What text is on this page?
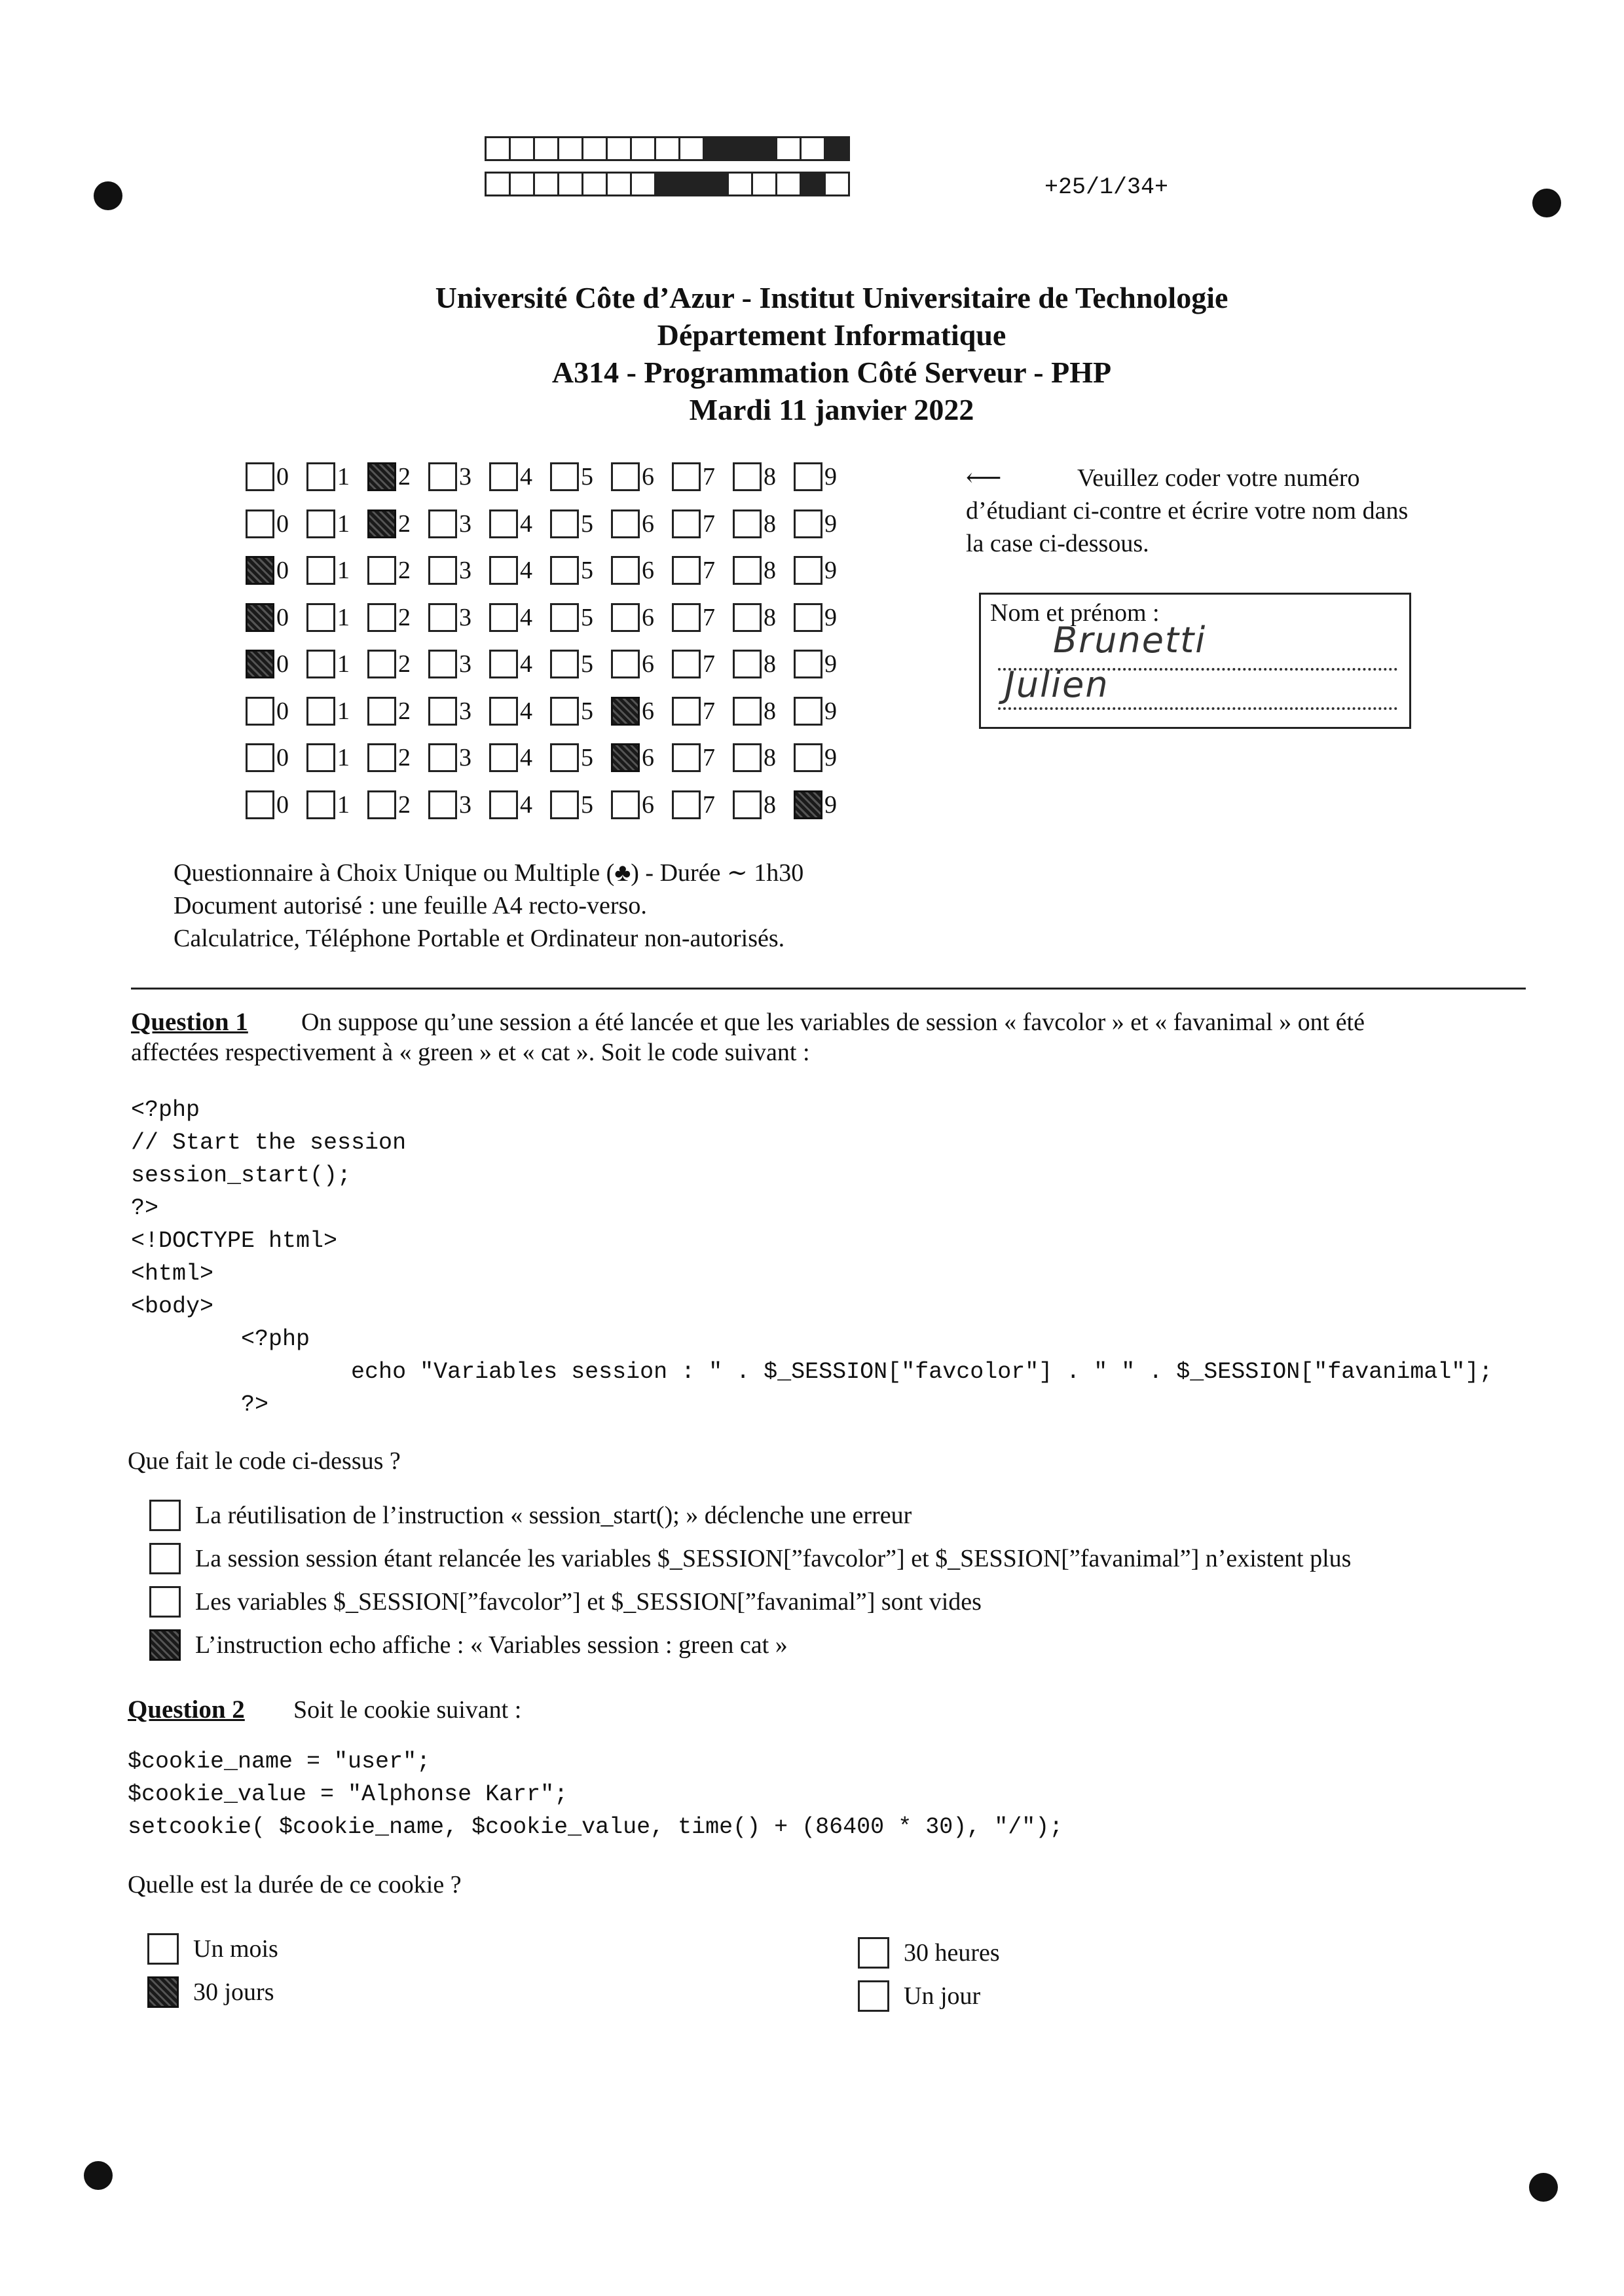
+25/1/34+
Université Côte d’Azur - Institut Universitaire de Technologie
Département Informatique
A314 - Programmation Côté Serveur - PHP
Mardi 11 janvier 2022
0 1 2 3 4 5 6 7 8 9
0 1 2 3 4 5 6 7 8 9
0 1 2 3 4 5 6 7 8 9
0 1 2 3 4 5 6 7 8 9
0 1 2 3 4 5 6 7 8 9
0 1 2 3 4 5 6 7 8 9
0 1 2 3 4 5 6 7 8 9
0 1 2 3 4 5 6 7 8 9
⟵	Veuillez coder votre numéro d’étudiant ci-contre et écrire votre nom dans la case ci-dessous.
Nom et prénom :
Brunetti
Julien
Questionnaire à Choix Unique ou Multiple (♣) - Durée ∼ 1h30
Document autorisé : une feuille A4 recto-verso.
Calculatrice, Téléphone Portable et Ordinateur non-autorisés.
Question 1 On suppose qu’une session a été lancée et que les variables de session « favcolor » et « favanimal » ont été
affectées respectivement à « green » et « cat ». Soit le code suivant :
<?php
// Start the session
session_start();
?>
<!DOCTYPE html>
<html>
<body>
<?php
echo "Variables session : " . $_SESSION["favcolor"] . " " . $_SESSION["favanimal"];
?>
Que fait le code ci-dessus ?
La réutilisation de l’instruction « session_start(); » déclenche une erreur
La session session étant relancée les variables $_SESSION[”favcolor”] et $_SESSION[”favanimal”] n’existent plus
Les variables $_SESSION[”favcolor”] et $_SESSION[”favanimal”] sont vides
L’instruction echo affiche : « Variables session : green cat »
Question 2 Soit le cookie suivant :
$cookie_name = "user";
$cookie_value = "Alphonse Karr";
setcookie( $cookie_name, $cookie_value, time() + (86400 * 30), "/");
Quelle est la durée de ce cookie ?
Un mois
30 jours
30 heures
Un jour
